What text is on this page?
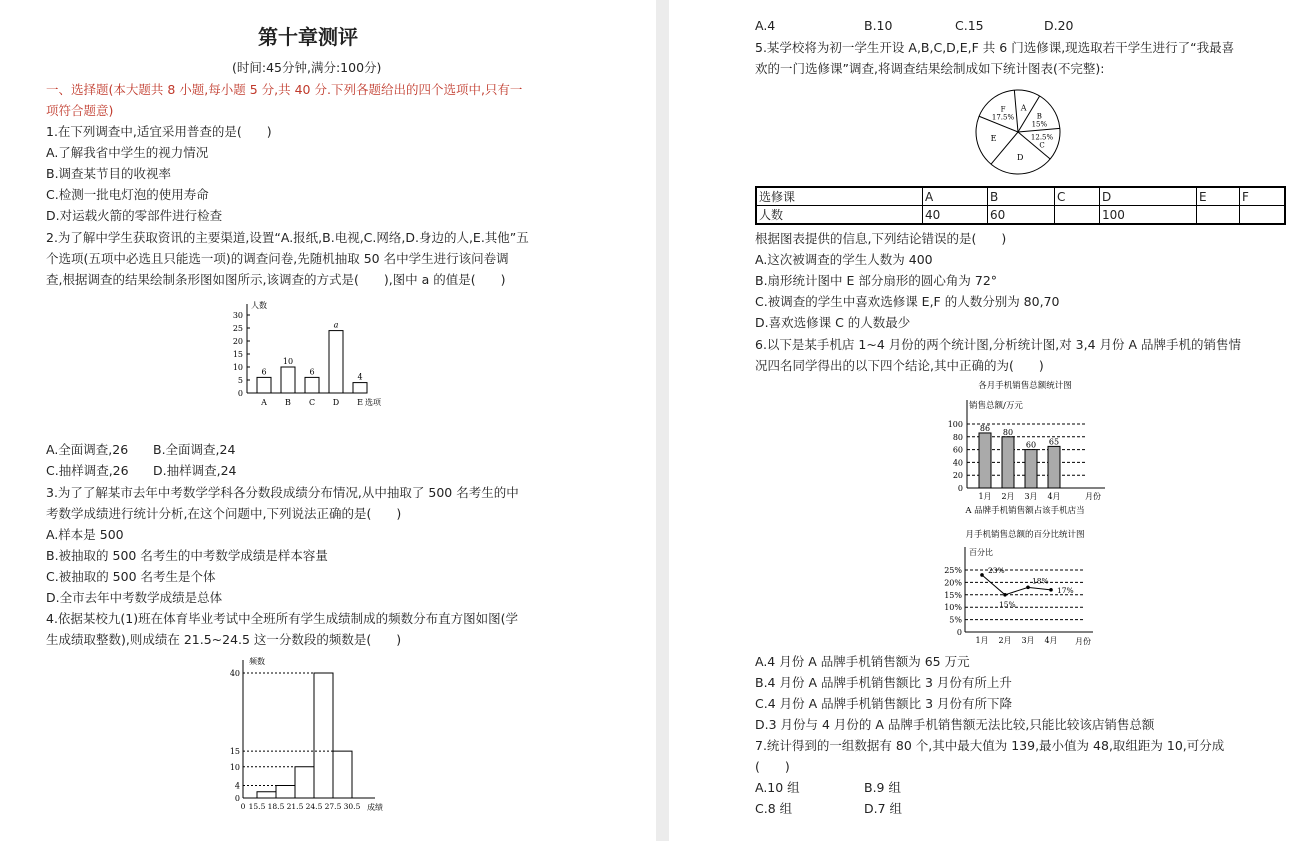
第十章测评
(时间:45分钟,满分:100分)
一、选择题(本大题共 8 小题,每小题 5 分,共 40 分.下列各题给出的四个选项中,只有一
项符合题意)
1.在下列调查中,适宜采用普查的是(　　)
A.了解我省中学生的视力情况
B.调查某节目的收视率
C.检测一批电灯泡的使用寿命
D.对运载火箭的零部件进行检查
2.为了解中学生获取资讯的主要渠道,设置“A.报纸,B.电视,C.网络,D.身边的人,E.其他”五
个选项(五项中必选且只能选一项)的调查问卷,先随机抽取 50 名中学生进行该问卷调
查,根据调查的结果绘制条形图如图所示,该调查的方式是(　　),图中 a 的值是(　　)
人数
选项
0
5
10
15
20
25
30
6
A
10
B
6
C
a
D
4
E
A.全面调查,26 B.全面调查,24
C.抽样调查,26 D.抽样调查,24
3.为了了解某市去年中考数学学科各分数段成绩分布情况,从中抽取了 500 名考生的中
考数学成绩进行统计分析,在这个问题中,下列说法正确的是(　　)
A.样本是 500
B.被抽取的 500 名考生的中考数学成绩是样本容量
C.被抽取的 500 名考生是个体
D.全市去年中考数学成绩是总体
4.依据某校九(1)班在体育毕业考试中全班所有学生成绩制成的频数分布直方图如图(学
生成绩取整数),则成绩在 21.5~24.5 这一分数段的频数是(　　)
频数
成绩
0
4
10
15
40
0 15.5 18.5 21.5 24.5 27.5 30.5
A.4	B.10	C.15	D.20
5.某学校将为初一学生开设 A,B,C,D,E,F 共 6 门选修课,现选取若干学生进行了“我最喜
欢的一门选修课”调查,将调查结果绘制成如下统计图表(不完整):
A
B
15%
12.5%
C
D
E
F
17.5%
选修课	A	B	C	D	E	F
人数	40	60		100		
根据图表提供的信息,下列结论错误的是(　　)
A.这次被调查的学生人数为 400
B.扇形统计图中 E 部分扇形的圆心角为 72°
C.被调查的学生中喜欢选修课 E,F 的人数分别为 80,70
D.喜欢选修课 C 的人数最少
6.以下是某手机店 1~4 月份的两个统计图,分析统计图,对 3,4 月份 A 品牌手机的销售情
况四名同学得出的以下四个结论,其中正确的为(　　)
各月手机销售总额统计图
销售总额/万元
月份
0
20
40
60
80
100 86
1月
80
2月
60
3月
65
4月
A 品牌手机销售额占该手机店当
月手机销售总额的百分比统计图
百分比
月份
0
5%
10%
15%
20%
25%	23%
1月
15%
2月
18%
3月
17%
4月
A.4 月份 A 品牌手机销售额为 65 万元
B.4 月份 A 品牌手机销售额比 3 月份有所上升
C.4 月份 A 品牌手机销售额比 3 月份有所下降
D.3 月份与 4 月份的 A 品牌手机销售额无法比较,只能比较该店销售总额
7.统计得到的一组数据有 80 个,其中最大值为 139,最小值为 48,取组距为 10,可分成
(　　)
A.10 组	B.9 组
C.8 组	D.7 组
